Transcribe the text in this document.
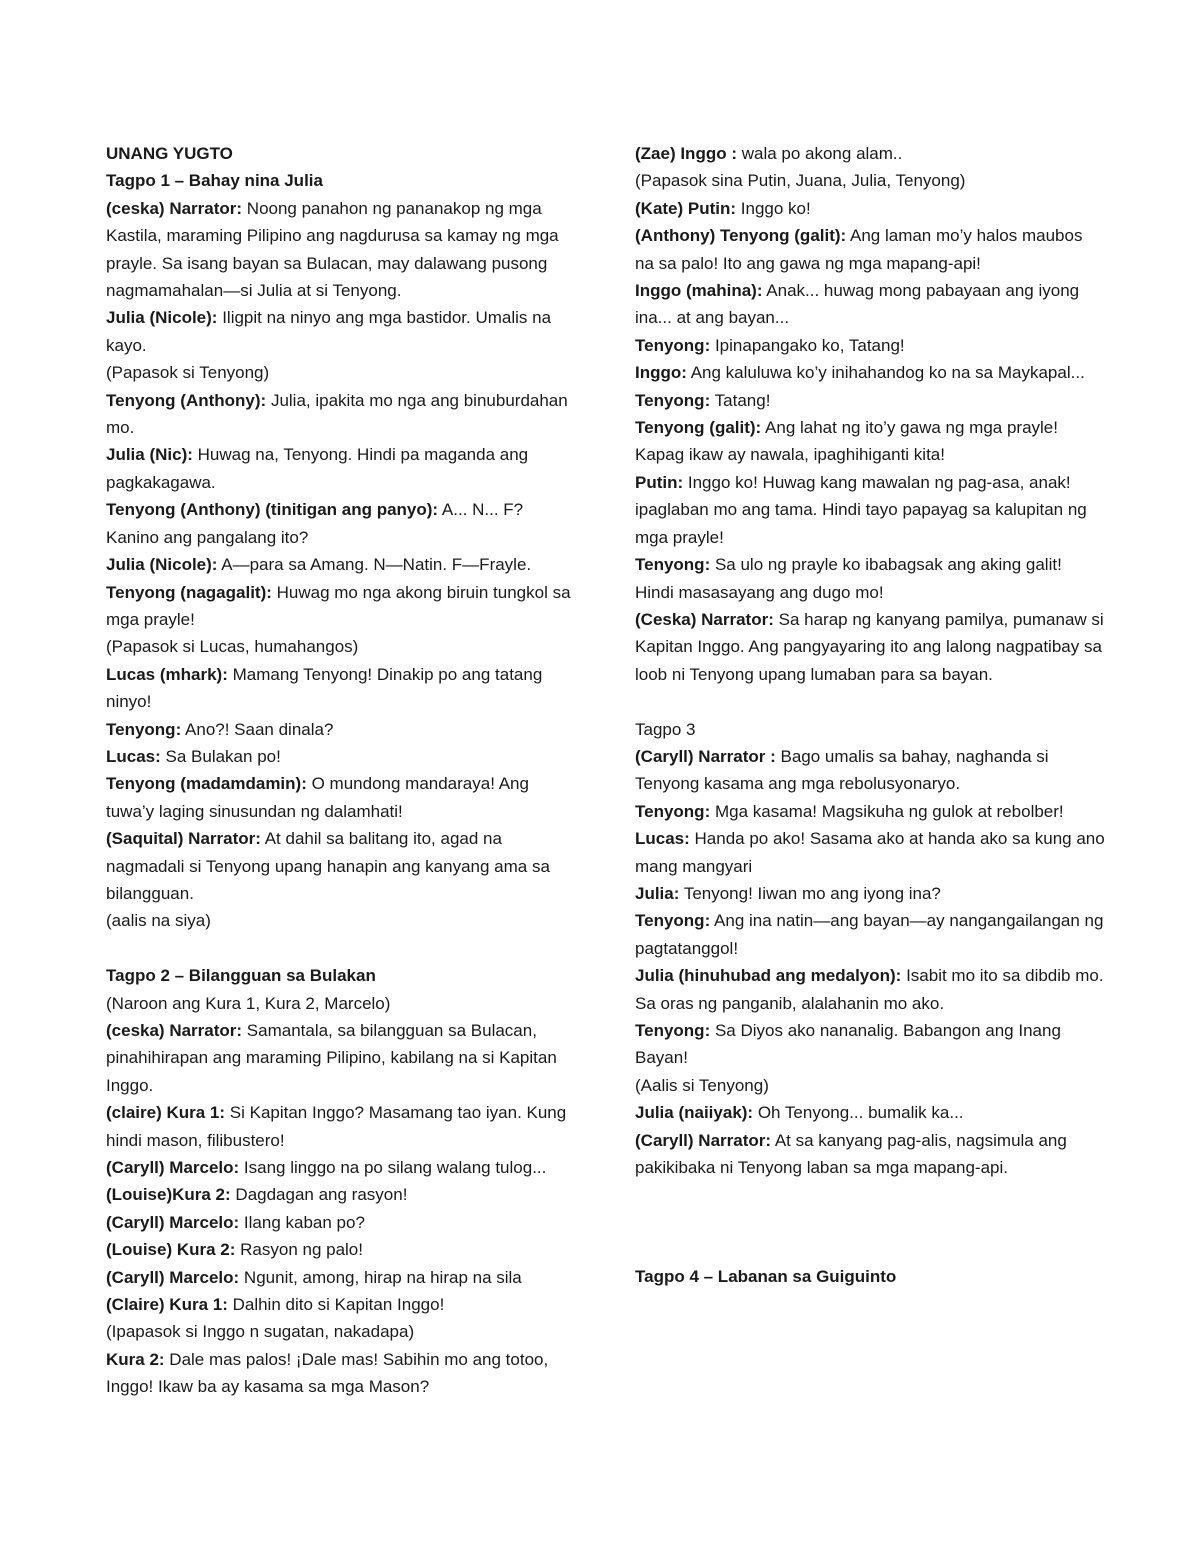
UNANG YUGTO

Tagpo 1 – Bahay nina Julia

(ceska) Narrator: Noong panahon ng pananakop ng mga Kastila, maraming Pilipino ang nagdurusa sa kamay ng mga prayle. Sa isang bayan sa Bulacan, may dalawang pusong nagmamahalan—si Julia at si Tenyong.

Julia (Nicole): Iligpit na ninyo ang mga bastidor. Umalis na kayo.

(Papasok si Tenyong)

Tenyong (Anthony): Julia, ipakita mo nga ang binuburdahan mo.

Julia (Nic): Huwag na, Tenyong. Hindi pa maganda ang pagkakagawa.

Tenyong (Anthony) (tinitigan ang panyo): A... N... F? Kanino ang pangalang ito?

Julia (Nicole): A—para sa Amang. N—Natin. F—Frayle.

Tenyong (nagagalit): Huwag mo nga akong biruin tungkol sa mga prayle!

(Papasok si Lucas, humahangos)

Lucas (mhark): Mamang Tenyong! Dinakip po ang tatang ninyo!

Tenyong: Ano?! Saan dinala?

Lucas: Sa Bulakan po!

Tenyong (madamdamin): O mundong mandaraya! Ang tuwa’y laging sinusundan ng dalamhati!

(Saquital) Narrator: At dahil sa balitang ito, agad na nagmadali si Tenyong upang hanapin ang kanyang ama sa bilangguan.

(aalis na siya)

Tagpo 2 – Bilangguan sa Bulakan

(Naroon ang Kura 1, Kura 2, Marcelo)

(ceska) Narrator: Samantala, sa bilangguan sa Bulacan, pinahihirapan ang maraming Pilipino, kabilang na si Kapitan Inggo.

(claire) Kura 1: Si Kapitan Inggo? Masamang tao iyan. Kung hindi mason, filibustero!

(Caryll) Marcelo: Isang linggo na po silang walang tulog...

(Louise)Kura 2: Dagdagan ang rasyon!

(Caryll) Marcelo: Ilang kaban po?

(Louise) Kura 2: Rasyon ng palo!

(Caryll) Marcelo: Ngunit, among, hirap na hirap na sila

(Claire) Kura 1: Dalhin dito si Kapitan Inggo!

(Ipapasok si Inggo n sugatan, nakadapa)

Kura 2: Dale mas palos! ¡Dale mas! Sabihin mo ang totoo, Inggo! Ikaw ba ay kasama sa mga Mason?

(Zae) Inggo : wala po akong alam..

(Papasok sina Putin, Juana, Julia, Tenyong)

(Kate) Putin: Inggo ko!

(Anthony) Tenyong (galit): Ang laman mo’y halos maubos na sa palo! Ito ang gawa ng mga mapang-api!

Inggo (mahina): Anak... huwag mong pabayaan ang iyong ina... at ang bayan...

Tenyong: Ipinapangako ko, Tatang!

Inggo: Ang kaluluwa ko’y inihahandog ko na sa Maykapal...

Tenyong: Tatang!

Tenyong (galit): Ang lahat ng ito’y gawa ng mga prayle! Kapag ikaw ay nawala, ipaghihiganti kita!

Putin: Inggo ko! Huwag kang mawalan ng pag-asa, anak! ipaglaban mo ang tama. Hindi tayo papayag sa kalupitan ng mga prayle!

Tenyong: Sa ulo ng prayle ko ibabagsak ang aking galit! Hindi masasayang ang dugo mo!

(Ceska) Narrator: Sa harap ng kanyang pamilya, pumanaw si Kapitan Inggo. Ang pangyayaring ito ang lalong nagpatibay sa loob ni Tenyong upang lumaban para sa bayan.

Tagpo 3

(Caryll) Narrator : Bago umalis sa bahay, naghanda si Tenyong kasama ang mga rebolusyonaryo.

Tenyong: Mga kasama! Magsikuha ng gulok at rebolber!

Lucas: Handa po ako! Sasama ako at handa ako sa kung ano mang mangyari

Julia: Tenyong! Iiwan mo ang iyong ina?

Tenyong: Ang ina natin—ang bayan—ay nangangailangan ng pagtatanggol!

Julia (hinuhubad ang medalyon): Isabit mo ito sa dibdib mo. Sa oras ng panganib, alalahanin mo ako.

Tenyong: Sa Diyos ako nananalig. Babangon ang Inang Bayan!

(Aalis si Tenyong)

Julia (naiiyak): Oh Tenyong... bumalik ka...

(Caryll) Narrator: At sa kanyang pag-alis, nagsimula ang pakikibaka ni Tenyong laban sa mga mapang-api.

Tagpo 4 – Labanan sa Guiguinto
